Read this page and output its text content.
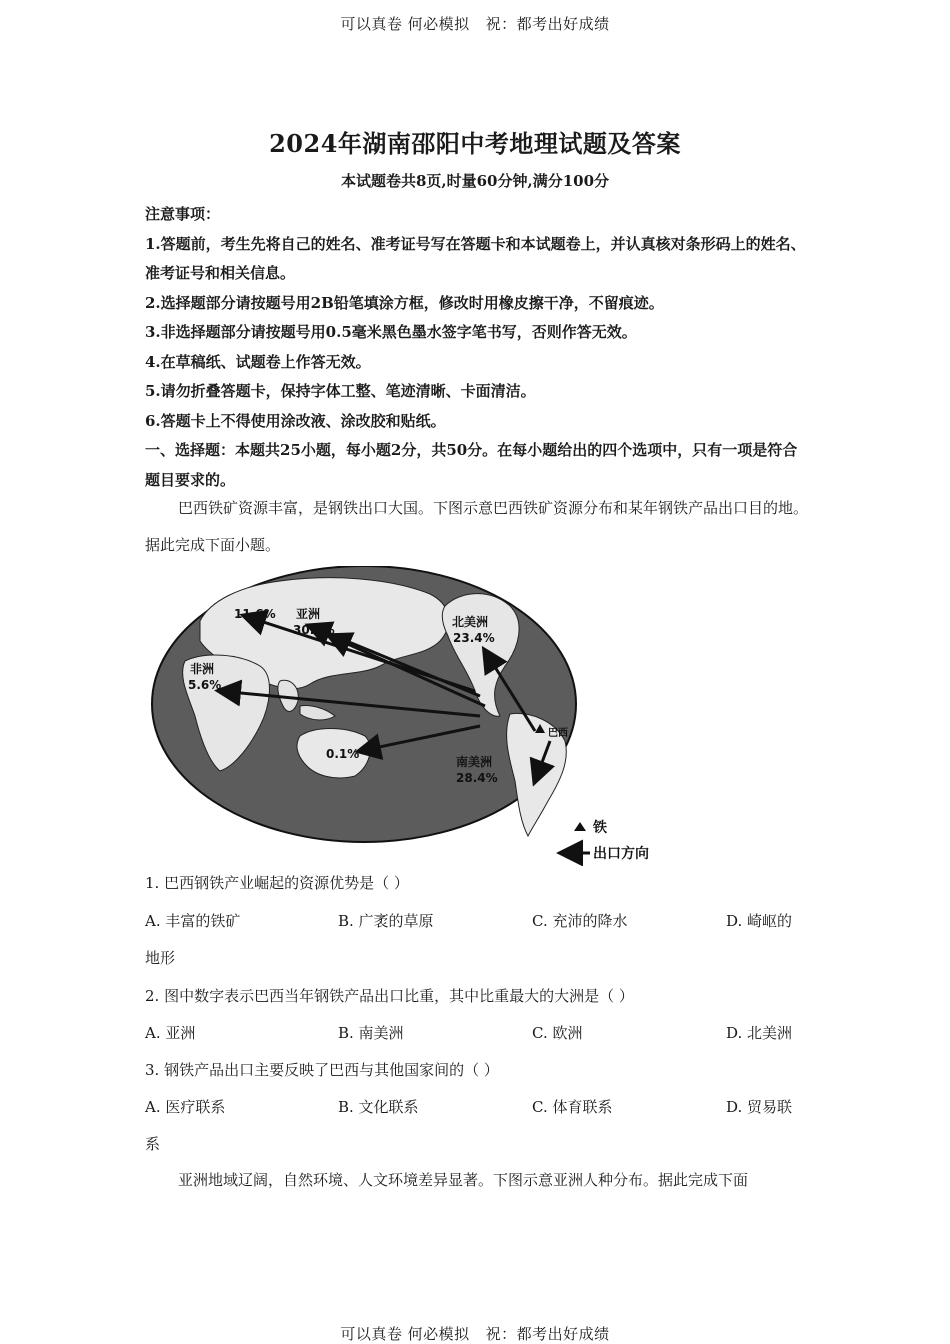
可以真卷 何必模拟 祝：都考出好成绩
2024年湖南邵阳中考地理试题及答案
本试题卷共8页,时量60分钟,满分100分

注意事项：

1.答题前，考生先将自己的姓名、准考证号写在答题卡和本试题卷上，并认真核对条形码上的姓名、准考证号和相关信息。

2.选择题部分请按题号用2B铅笔填涂方框，修改时用橡皮擦干净，不留痕迹。

3.非选择题部分请按题号用0.5毫米黑色墨水签字笔书写，否则作答无效。

4.在草稿纸、试题卷上作答无效。

5.请勿折叠答题卡，保持字体工整、笔迹清晰、卡面清洁。

6.答题卡上不得使用涂改液、涂改胶和贴纸。

一、选择题：本题共25小题，每小题2分，共50分。在每小题给出的四个选项中，只有一项是符合题目要求的。

巴西铁矿资源丰富，是钢铁出口大国。下图示意巴西铁矿资源分布和某年钢铁产品出口目的地。据此完成下面小题。

11.6% 亚洲
30.9%
北美洲
23.4%
非洲
5.6%
0.1%
巴西
南美洲
28.4%
铁
出口方向

1. 巴西钢铁产业崛起的资源优势是（ ）

A. 丰富的铁矿	B. 广袤的草原	C. 充沛的降水	D. 崎岖的
地形

2. 图中数字表示巴西当年钢铁产品出口比重，其中比重最大的大洲是（ ）

A. 亚洲	B. 南美洲	C. 欧洲	D. 北美洲

3. 钢铁产品出口主要反映了巴西与其他国家间的（ ）

A. 医疗联系	B. 文化联系	C. 体育联系	D. 贸易联
系

亚洲地域辽阔，自然环境、人文环境差异显著。下图示意亚洲人种分布。据此完成下面

可以真卷 何必模拟 祝：都考出好成绩
